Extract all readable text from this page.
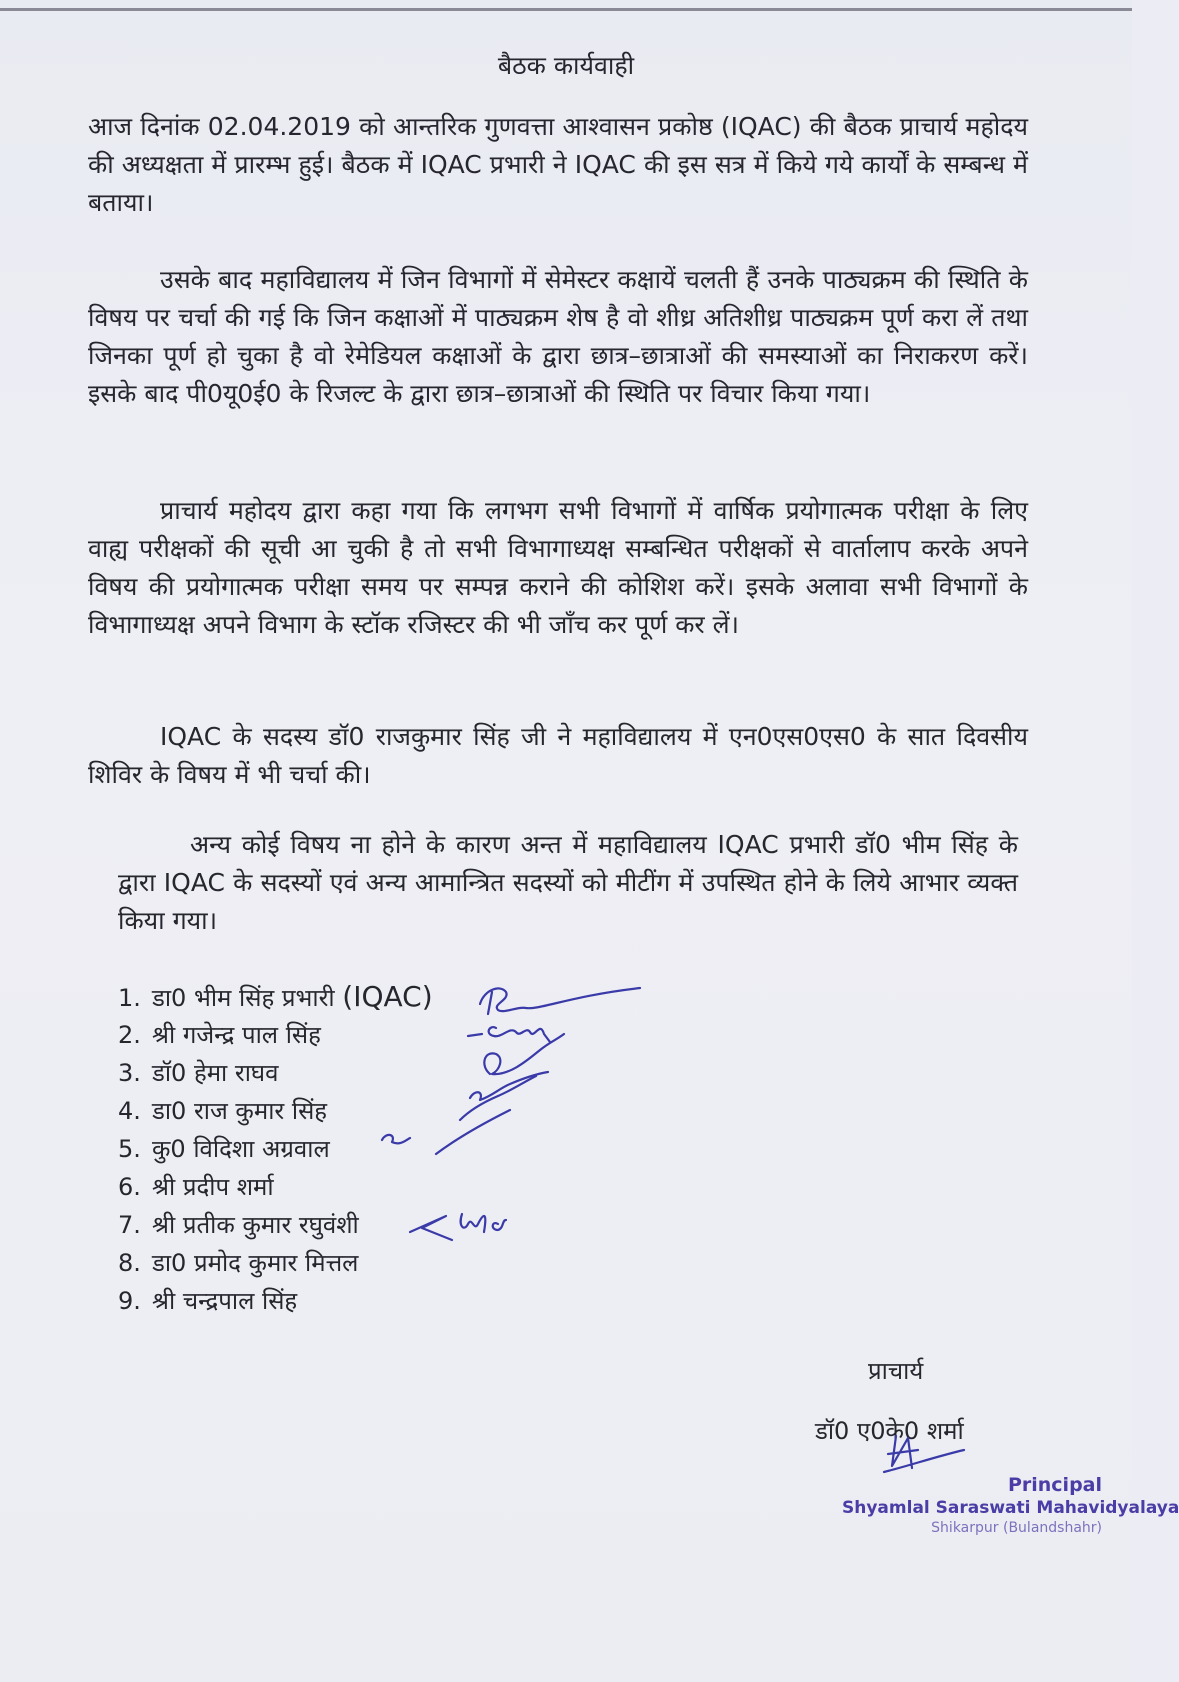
बैठक कार्यवाही

आज दिनांक 02.04.2019 को आन्तरिक गुणवत्ता आश्वासन प्रकोष्ठ (IQAC) की बैठक प्राचार्य महोदय की अध्यक्षता में प्रारम्भ हुई। बैठक में IQAC प्रभारी ने IQAC की इस सत्र में किये गये कार्यों के सम्बन्ध में बताया।

उसके बाद महाविद्यालय में जिन विभागों में सेमेस्टर कक्षायें चलती हैं उनके पाठ्यक्रम की स्थिति के विषय पर चर्चा की गई कि जिन कक्षाओं में पाठ्यक्रम शेष है वो शीध्र अतिशीध्र पाठ्यक्रम पूर्ण करा लें तथा जिनका पूर्ण हो चुका है वो रेमेडियल कक्षाओं के द्वारा छात्र–छात्राओं की समस्याओं का निराकरण करें। इसके बाद पी0यू0ई0 के रिजल्ट के द्वारा छात्र–छात्राओं की स्थिति पर विचार किया गया।

प्राचार्य महोदय द्वारा कहा गया कि लगभग सभी विभागों में वार्षिक प्रयोगात्मक परीक्षा के लिए वाह्य परीक्षकों की सूची आ चुकी है तो सभी विभागाध्यक्ष सम्बन्धित परीक्षकों से वार्तालाप करके अपने विषय की प्रयोगात्मक परीक्षा समय पर सम्पन्न कराने की कोशिश करें। इसके अलावा सभी विभागों के विभागाध्यक्ष अपने विभाग के स्टॉक रजिस्टर की भी जाँच कर पूर्ण कर लें।

IQAC के सदस्य डॉ0 राजकुमार सिंह जी ने महाविद्यालय में एन0एस0एस0 के सात दिवसीय शिविर के विषय में भी चर्चा की।

अन्य कोई विषय ना होने के कारण अन्त में महाविद्यालय IQAC प्रभारी डॉ0 भीम सिंह के द्वारा IQAC के सदस्यों एवं अन्य आमान्त्रित सदस्यों को मीटींग में उपस्थित होने के लिये आभार व्यक्त किया गया।

1. डा0 भीम सिंह प्रभारी (IQAC)
2. श्री गजेन्द्र पाल सिंह
3. डॉ0 हेमा राघव
4. डा0 राज कुमार सिंह
5. कु0 विदिशा अग्रवाल
6. श्री प्रदीप शर्मा
7. श्री प्रतीक कुमार रघुवंशी
8. डा0 प्रमोद कुमार मित्तल
9. श्री चन्द्रपाल सिंह
प्राचार्य
डॉ0 ए0के0 शर्मा
Principal
Shyamlal Saraswati Mahavidyalaya
Shikarpur (Bulandshahr)
